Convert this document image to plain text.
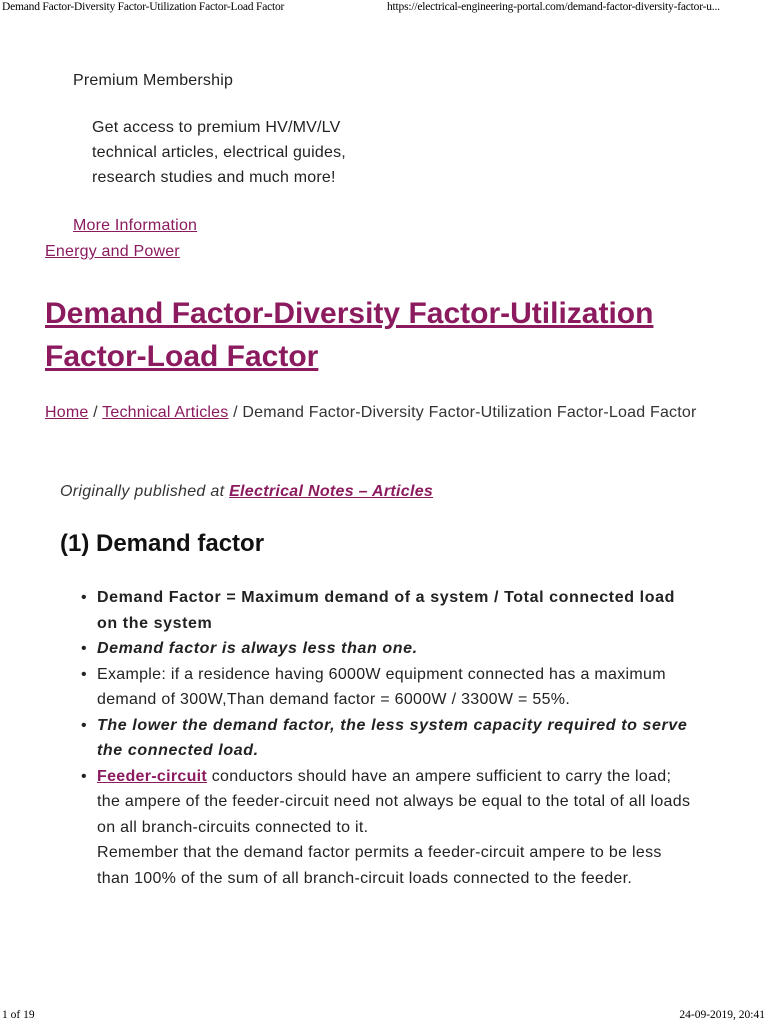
Demand Factor-Diversity Factor-Utilization Factor-Load Factor	https://electrical-engineering-portal.com/demand-factor-diversity-factor-u...
Premium Membership
Get access to premium HV/MV/LV technical articles, electrical guides, research studies and much more!
More Information
Energy and Power
Demand Factor-Diversity Factor-Utilization Factor-Load Factor
Home / Technical Articles / Demand Factor-Diversity Factor-Utilization Factor-Load Factor
Originally published at Electrical Notes – Articles
(1) Demand factor
• Demand Factor = Maximum demand of a system / Total connected load on the system
• Demand factor is always less than one.
• Example: if a residence having 6000W equipment connected has a maximum demand of 300W,Than demand factor = 6000W / 3300W = 55%.
• The lower the demand factor, the less system capacity required to serve the connected load.
• Feeder-circuit conductors should have an ampere sufficient to carry the load; the ampere of the feeder-circuit need not always be equal to the total of all loads on all branch-circuits connected to it.
Remember that the demand factor permits a feeder-circuit ampere to be less than 100% of the sum of all branch-circuit loads connected to the feeder.
1 of 19	24-09-2019, 20:41
